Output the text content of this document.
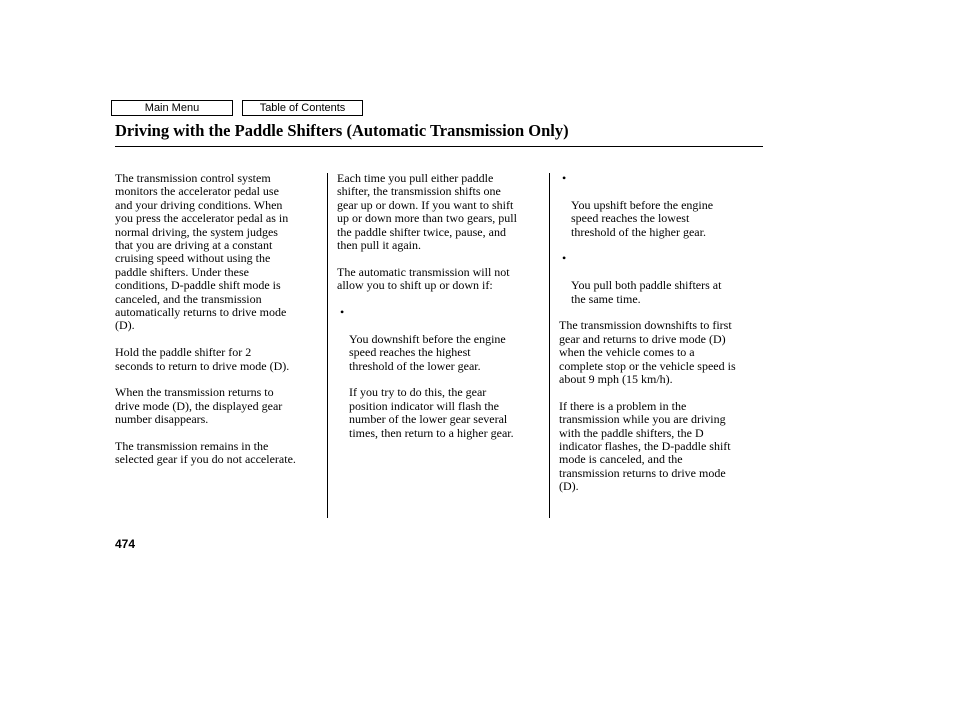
Main Menu	Table of Contents
Driving with the Paddle Shifters (Automatic Transmission Only)

The transmission control system
monitors the accelerator pedal use
and your driving conditions. When
you press the accelerator pedal as in
normal driving, the system judges
that you are driving at a constant
cruising speed without using the
paddle shifters. Under these
conditions, D-paddle shift mode is
canceled, and the transmission
automatically returns to drive mode
(D).

Hold the paddle shifter for 2
seconds to return to drive mode (D).

When the transmission returns to
drive mode (D), the displayed gear
number disappears.

The transmission remains in the
selected gear if you do not accelerate.

Each time you pull either paddle
shifter, the transmission shifts one
gear up or down. If you want to shift
up or down more than two gears, pull
the paddle shifter twice, pause, and
then pull it again.

The automatic transmission will not
allow you to shift up or down if:

•

You downshift before the engine
speed reaches the highest
threshold of the lower gear.

If you try to do this, the gear
position indicator will flash the
number of the lower gear several
times, then return to a higher gear.

•

You upshift before the engine
speed reaches the lowest
threshold of the higher gear.

•

You pull both paddle shifters at
the same time.

The transmission downshifts to first
gear and returns to drive mode (D)
when the vehicle comes to a
complete stop or the vehicle speed is
about 9 mph (15 km/h).

If there is a problem in the
transmission while you are driving
with the paddle shifters, the D
indicator flashes, the D-paddle shift
mode is canceled, and the
transmission returns to drive mode
(D).

474
